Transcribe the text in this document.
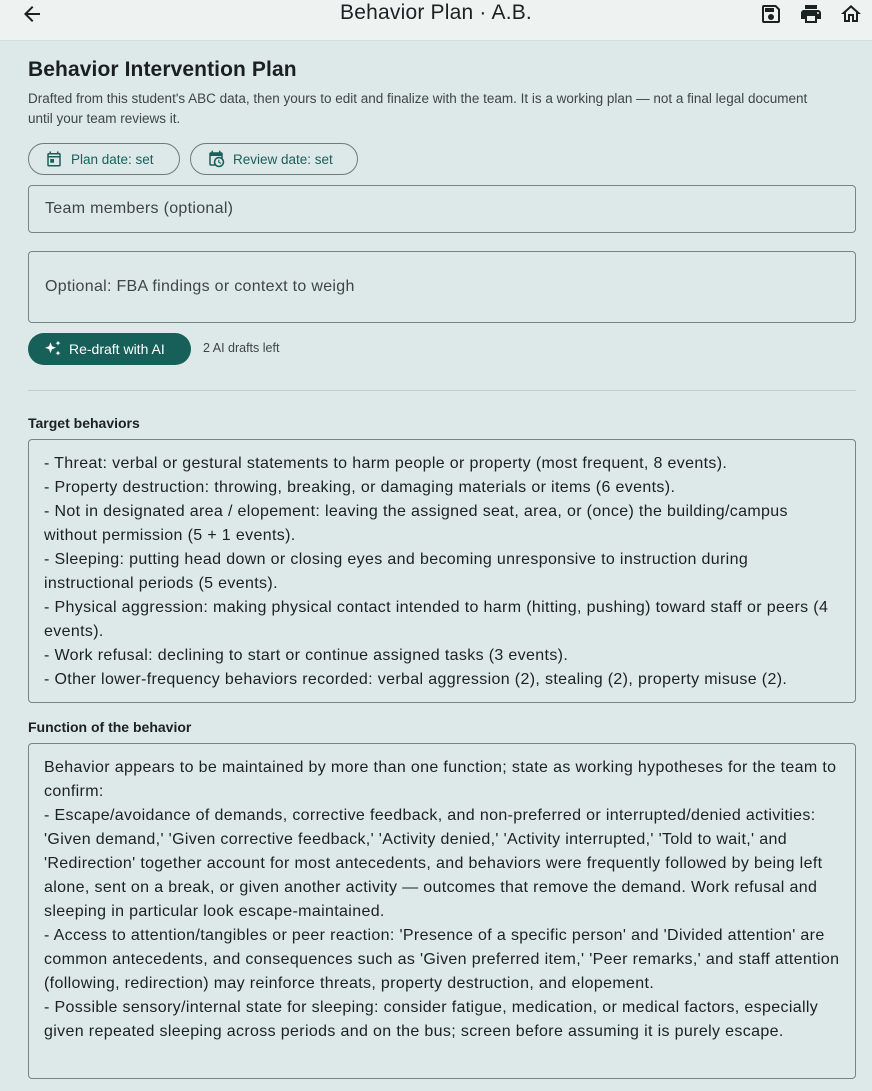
Behavior Plan · A.B.
Behavior Intervention Plan
Drafted from this student's ABC data, then yours to edit and finalize with the team. It is a working plan — not a final legal document until your team reviews it.
Plan date: set	Review date: set
Team members (optional)
Optional: FBA findings or context to weigh
Re-draft with AI	2 AI drafts left
Target behaviors
- Threat: verbal or gestural statements to harm people or property (most frequent, 8 events).
- Property destruction: throwing, breaking, or damaging materials or items (6 events).
- Not in designated area / elopement: leaving the assigned seat, area, or (once) the building/campus without permission (5 + 1 events).
- Sleeping: putting head down or closing eyes and becoming unresponsive to instruction during instructional periods (5 events).
- Physical aggression: making physical contact intended to harm (hitting, pushing) toward staff or peers (4 events).
- Work refusal: declining to start or continue assigned tasks (3 events).
- Other lower-frequency behaviors recorded: verbal aggression (2), stealing (2), property misuse (2).
Function of the behavior
Behavior appears to be maintained by more than one function; state as working hypotheses for the team to confirm:
- Escape/avoidance of demands, corrective feedback, and non-preferred or interrupted/denied activities: 'Given demand,' 'Given corrective feedback,' 'Activity denied,' 'Activity interrupted,' 'Told to wait,' and 'Redirection' together account for most antecedents, and behaviors were frequently followed by being left alone, sent on a break, or given another activity — outcomes that remove the demand. Work refusal and sleeping in particular look escape-maintained.
- Access to attention/tangibles or peer reaction: 'Presence of a specific person' and 'Divided attention' are common antecedents, and consequences such as 'Given preferred item,' 'Peer remarks,' and staff attention (following, redirection) may reinforce threats, property destruction, and elopement.
- Possible sensory/internal state for sleeping: consider fatigue, medication, or medical factors, especially given repeated sleeping across periods and on the bus; screen before assuming it is purely escape.
